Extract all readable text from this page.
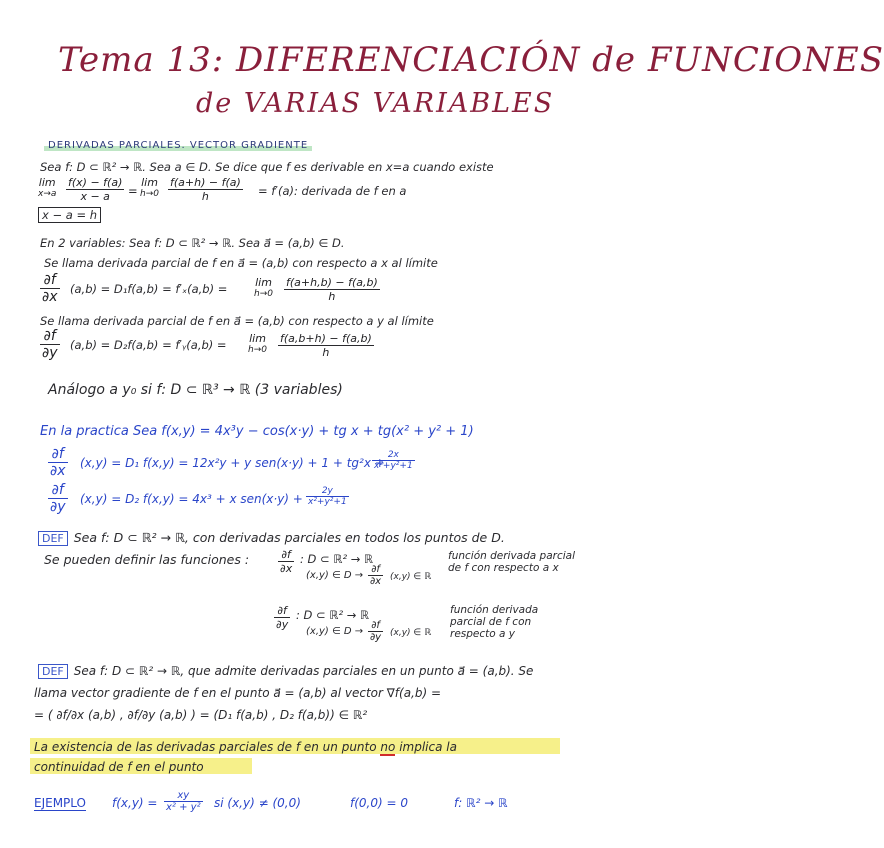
Tema 13: DIFERENCIACIÓN de FUNCIONES
de VARIAS VARIABLES
DERIVADAS PARCIALES. VECTOR GRADIENTE
Sea f: D ⊂ ℝ² → ℝ. Sea a ∈ D. Se dice que f es derivable en x=a cuando existe
lim
$x\to a \frac{f(x) - f(a)}{x - a}$ =
lim
$h\to 0 \frac{f(a+h) - f(a)}{h} = f'(a)$: derivada de f en a
x − a = h
En 2 variables: Sea f: D ⊂ ℝ² → ℝ. Sea a⃗ = (a,b) ∈ D.
Se llama derivada parcial de f en a⃗ = (a,b) con respecto a x al límite
$\frac{\partial f}{\partial x} (a,b) = D_1f(a,b) = f'_x(a,b)$ =	lim
$h\to 0 \frac{f(a+h,b) - f(a,b)}{h}$
Se llama derivada parcial de f en a⃗ = (a,b) con respecto a y al límite
$\frac{\partial f}{\partial y} (a,b) = D_2f(a,b)$ = f′ᵧ(a,b) = lim
$h\to 0 \frac{f(a,b+h) - f(a,b)}{h}$
Análogo a y₀ si f: D ⊂ ℝ³ → ℝ (3 variables)
En la practica Sea f(x,y) = 4x³y − cos(x·y) + tg x + tg(x² + y² + 1)
$\frac{\partial f}{\partial x} (x,y) = D_1$ f(x,y) = 12x²y + y sen(x·y) + 1 + tg²x +
$\frac{2x}{\text{x²+y²+1}}$
$\frac{\partial f}{\partial y} (x,y) = D_2$ f(x,y) = 4x³ + x $sen(x\cdot y) + \frac{2y}{\text{x²+y²+1}}$
DEF Sea f: D ⊂ ℝ² → ℝ, con derivadas parciales en todos los puntos de D.
Se pueden definir las funciones :	$\frac{\partial f}{\partial x}$ : D ⊂ ℝ² → ℝ
(x,y) ∈ $D \to \frac{\partial f}{\partial x} (x,y)$ ∈ ℝ
función derivada parcial de f con respecto a x
$\frac{\partial f}{\partial y}$ : D ⊂ ℝ² → ℝ
(x,y) ∈ $D \to \frac{\partial f}{\partial y} (x,y)$ ∈ ℝ
función derivada parcial de f con respecto a y
DEF Sea f: D ⊂ ℝ² → ℝ, que admite derivadas parciales en un punto a⃗ = (a,b). Se
llama vector gradiente de f en el punto a⃗ = (a,b) al vector ∇f(a,b) =
= ( ∂f/∂x (a,b) , ∂f/∂y (a,b) ) = (D₁ f(a,b) , D₂ f(a,b)) ∈ ℝ²
La existencia de las derivadas parciales de f en un punto no implica la
continuidad de f en el punto
EJEMPLO $f(x,y) = \frac{xy}{\text{x² + y²}}$ si (x,y) ≠ (0,0)	f(0,0) = 0	f: ℝ² → ℝ
